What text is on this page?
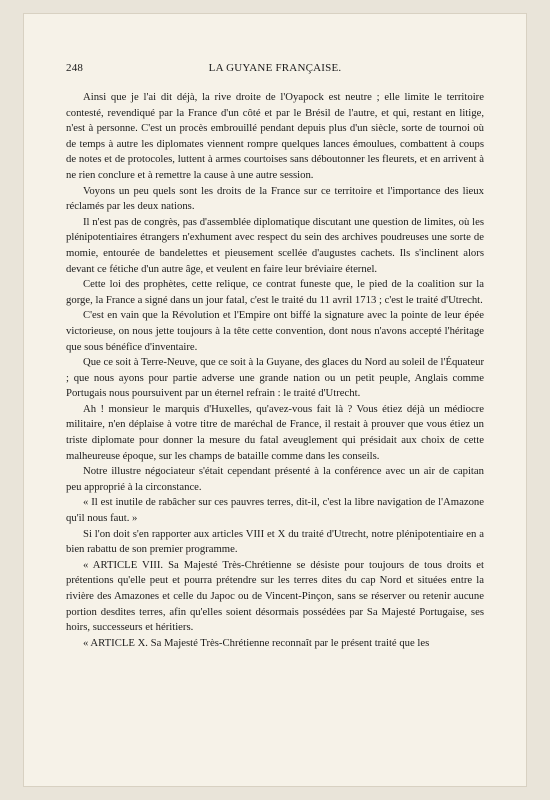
248	LA GUYANE FRANÇAISE.

Ainsi que je l'ai dit déjà, la rive droite de l'Oyapock est neutre ; elle limite le territoire contesté, revendiqué par la France d'un côté et par le Brésil de l'autre, et qui, restant en litige, n'est à personne. C'est un procès embrouillé pendant depuis plus d'un siècle, sorte de tournoi où de temps à autre les diplomates viennent rompre quelques lances émoulues, combattent à coups de notes et de protocoles, luttent à armes courtoises sans déboutonner les fleurets, et en arrivent à ne rien conclure et à remettre la cause à une autre session.

Voyons un peu quels sont les droits de la France sur ce territoire et l'importance des lieux réclamés par les deux nations.

Il n'est pas de congrès, pas d'assemblée diplomatique discutant une question de limites, où les plénipotentiaires étrangers n'exhument avec respect du sein des archives poudreuses une sorte de momie, entourée de bandelettes et pieusement scellée d'augustes cachets. Ils s'inclinent alors devant ce fétiche d'un autre âge, et veulent en faire leur bréviaire éternel.

Cette loi des prophètes, cette relique, ce contrat funeste que, le pied de la coalition sur la gorge, la France a signé dans un jour fatal, c'est le traité du 11 avril 1713 ; c'est le traité d'Utrecht.

C'est en vain que la Révolution et l'Empire ont biffé la signature avec la pointe de leur épée victorieuse, on nous jette toujours à la tête cette convention, dont nous n'avons accepté l'héritage que sous bénéfice d'inventaire.

Que ce soit à Terre-Neuve, que ce soit à la Guyane, des glaces du Nord au soleil de l'Équateur ; que nous ayons pour partie adverse une grande nation ou un petit peuple, Anglais comme Portugais nous poursuivent par un éternel refrain : le traité d'Utrecht.

Ah ! monsieur le marquis d'Huxelles, qu'avez-vous fait là ? Vous étiez déjà un médiocre militaire, n'en déplaise à votre titre de maréchal de France, il restait à prouver que vous étiez un triste diplomate pour donner la mesure du fatal aveuglement qui présidait aux choix de cette malheureuse époque, sur les champs de bataille comme dans les conseils.

Notre illustre négociateur s'était cependant présenté à la conférence avec un air de capitan peu approprié à la circonstance.

« Il est inutile de rabâcher sur ces pauvres terres, dit-il, c'est la libre navigation de l'Amazone qu'il nous faut. »

Si l'on doit s'en rapporter aux articles VIII et X du traité d'Utrecht, notre plénipotentiaire en a bien rabattu de son premier programme.

« ARTICLE VIII. Sa Majesté Très-Chrétienne se désiste pour toujours de tous droits et prétentions qu'elle peut et pourra prétendre sur les terres dites du cap Nord et situées entre la rivière des Amazones et celle du Japoc ou de Vincent-Pinçon, sans se réserver ou retenir aucune portion desdites terres, afin qu'elles soient désormais possédées par Sa Majesté Portugaise, ses hoirs, successeurs et héritiers.

« ARTICLE X. Sa Majesté Très-Chrétienne reconnaît par le présent traité que les
